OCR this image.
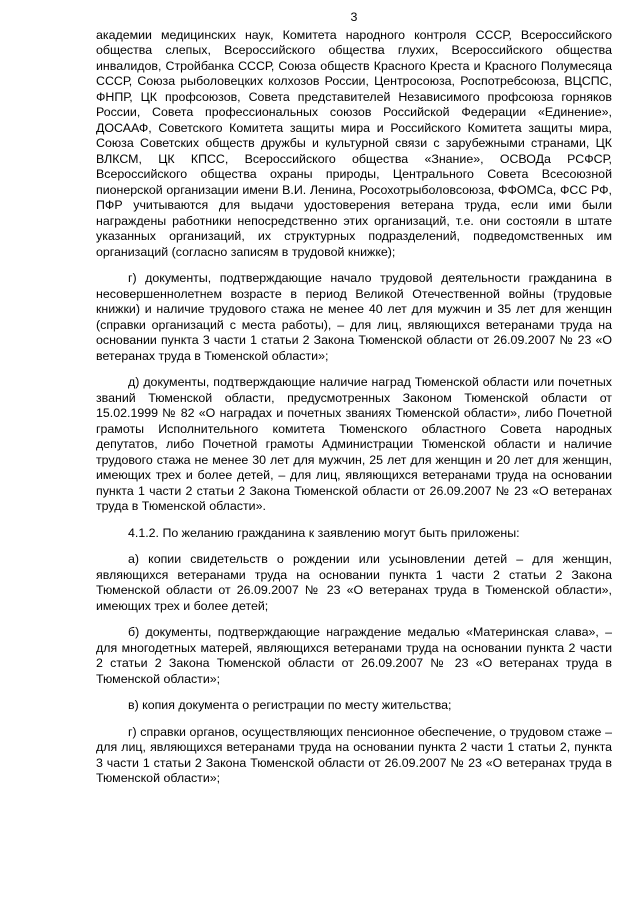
3

академии медицинских наук, Комитета народного контроля СССР, Всероссийского общества слепых, Всероссийского общества глухих, Всероссийского общества инвалидов, Стройбанка СССР, Союза обществ Красного Креста и Красного Полумесяца СССР, Союза рыболовецких колхозов России, Центросоюза, Роспотребсоюза, ВЦСПС, ФНПР, ЦК профсоюзов, Совета представителей Независимого профсоюза горняков России, Совета профессиональных союзов Российской Федерации «Единение», ДОСААФ, Советского Комитета защиты мира и Российского Комитета защиты мира, Союза Советских обществ дружбы и культурной связи с зарубежными странами, ЦК ВЛКСМ, ЦК КПСС, Всероссийского общества «Знание», ОСВОДа РСФСР, Всероссийского общества охраны природы, Центрального Совета Всесоюзной пионерской организации имени В.И. Ленина, Росохотрыболовсоюза, ФФОМСа, ФСС РФ, ПФР учитываются для выдачи удостоверения ветерана труда, если ими были награждены работники непосредственно этих организаций, т.е. они состояли в штате указанных организаций, их структурных подразделений, подведомственных им организаций (согласно записям в трудовой книжке);

г) документы, подтверждающие начало трудовой деятельности гражданина в несовершеннолетнем возрасте в период Великой Отечественной войны (трудовые книжки) и наличие трудового стажа не менее 40 лет для мужчин и 35 лет для женщин (справки организаций с места работы), – для лиц, являющихся ветеранами труда на основании пункта 3 части 1 статьи 2 Закона Тюменской области от 26.09.2007 № 23 «О ветеранах труда в Тюменской области»;

д) документы, подтверждающие наличие наград Тюменской области или почетных званий Тюменской области, предусмотренных Законом Тюменской области от 15.02.1999 № 82 «О наградах и почетных званиях Тюменской области», либо Почетной грамоты Исполнительного комитета Тюменского областного Совета народных депутатов, либо Почетной грамоты Администрации Тюменской области и наличие трудового стажа не менее 30 лет для мужчин, 25 лет для женщин и 20 лет для женщин, имеющих трех и более детей, – для лиц, являющихся ветеранами труда на основании пункта 1 части 2 статьи 2 Закона Тюменской области от 26.09.2007 № 23 «О ветеранах труда в Тюменской области».

4.1.2. По желанию гражданина к заявлению могут быть приложены:

а) копии свидетельств о рождении или усыновлении детей – для женщин, являющихся ветеранами труда на основании пункта 1 части 2 статьи 2 Закона Тюменской области от 26.09.2007 № 23 «О ветеранах труда в Тюменской области», имеющих трех и более детей;

б) документы, подтверждающие награждение медалью «Материнская слава», – для многодетных матерей, являющихся ветеранами труда на основании пункта 2 части 2 статьи 2 Закона Тюменской области от 26.09.2007 № 23 «О ветеранах труда в Тюменской области»;

в) копия документа о регистрации по месту жительства;

г) справки органов, осуществляющих пенсионное обеспечение, о трудовом стаже – для лиц, являющихся ветеранами труда на основании пункта 2 части 1 статьи 2, пункта 3 части 1 статьи 2 Закона Тюменской области от 26.09.2007 № 23 «О ветеранах труда в Тюменской области»;
